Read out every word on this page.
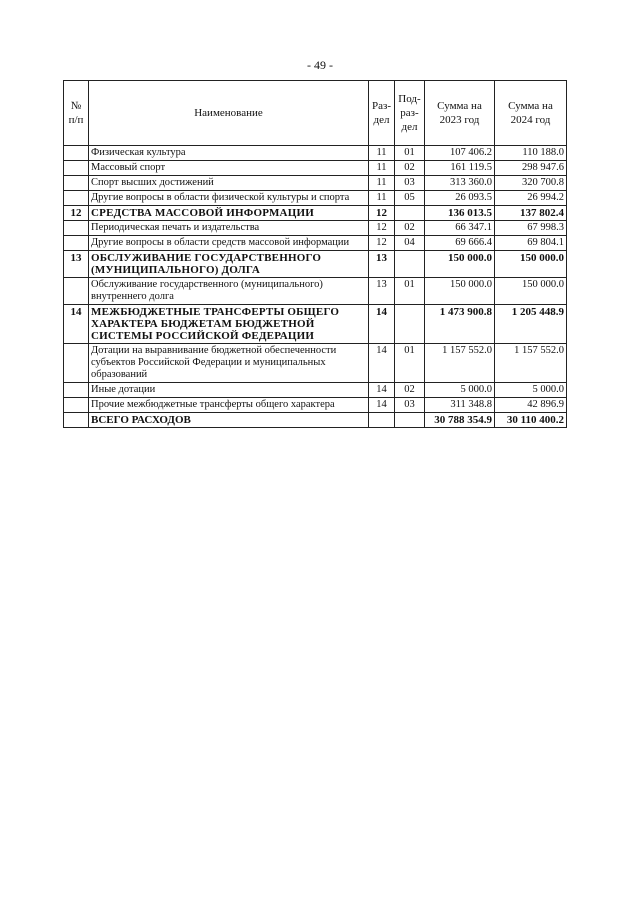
- 49 -
№ п/п	Наименование	Раз-дел	Под-раз-дел	Сумма на 2023 год	Сумма на 2024 год
	Физическая культура	11	01	107 406.2	110 188.0
	Массовый спорт	11	02	161 119.5	298 947.6
	Спорт высших достижений	11	03	313 360.0	320 700.8
	Другие вопросы в области физической культуры и спорта	11	05	26 093.5	26 994.2
12	СРЕДСТВА МАССОВОЙ ИНФОРМАЦИИ	12		136 013.5	137 802.4
	Периодическая печать и издательства	12	02	66 347.1	67 998.3
	Другие вопросы в области средств массовой информации	12	04	69 666.4	69 804.1
13	ОБСЛУЖИВАНИЕ ГОСУДАРСТВЕННОГО (МУНИЦИПАЛЬНОГО) ДОЛГА	13		150 000.0	150 000.0
	Обслуживание государственного (муниципального) внутреннего долга	13	01	150 000.0	150 000.0
14	МЕЖБЮДЖЕТНЫЕ ТРАНСФЕРТЫ ОБЩЕГО ХАРАКТЕРА БЮДЖЕТАМ БЮДЖЕТНОЙ СИСТЕМЫ РОССИЙСКОЙ ФЕДЕРАЦИИ	14		1 473 900.8	1 205 448.9
	Дотации на выравнивание бюджетной обеспеченности субъектов Российской Федерации и муниципальных образований	14	01	1 157 552.0	1 157 552.0
	Иные дотации	14	02	5 000.0	5 000.0
	Прочие межбюджетные трансферты общего характера	14	03	311 348.8	42 896.9
	ВСЕГО РАСХОДОВ			30 788 354.9	30 110 400.2
